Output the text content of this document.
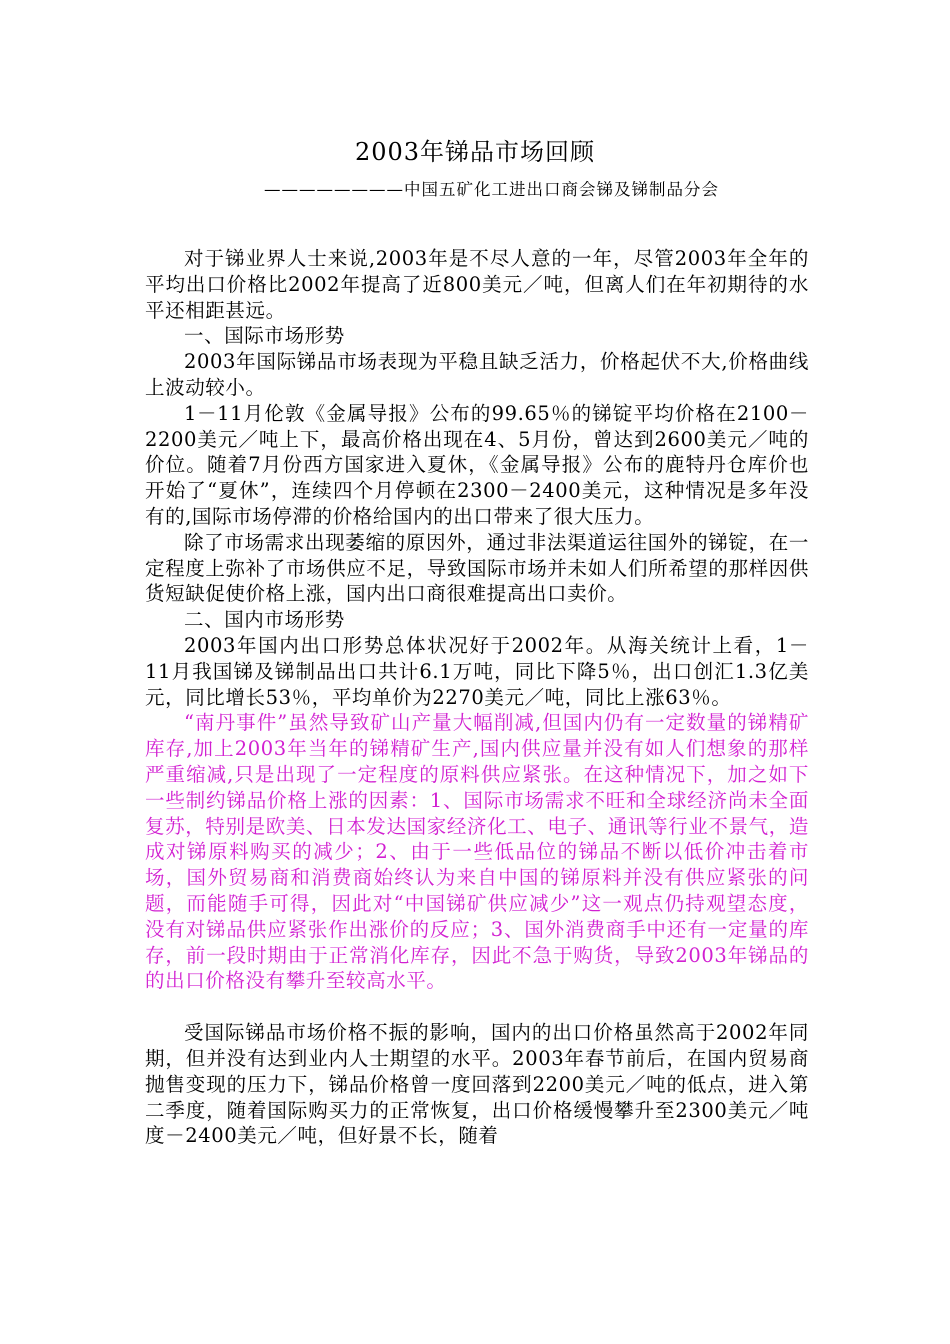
2003年锑品市场回顾
————————中国五矿化工进出口商会锑及锑制品分会

对于锑业界人士来说,2003年是不尽人意的一年，尽管2003年全年的平均出口价格比2002年提高了近800美元／吨，但离人们在年初期待的水平还相距甚远。

一、国际市场形势

2003年国际锑品市场表现为平稳且缺乏活力，价格起伏不大,价格曲线上波动较小。

1－11月伦敦《金属导报》公布的99.65％的锑锭平均价格在2100－2200美元／吨上下，最高价格出现在4、5月份，曾达到2600美元／吨的价位。随着7月份西方国家进入夏休，《金属导报》公布的鹿特丹仓库价也开始了“夏休”，连续四个月停顿在2300－2400美元，这种情况是多年没有的,国际市场停滞的价格给国内的出口带来了很大压力。

除了市场需求出现萎缩的原因外，通过非法渠道运往国外的锑锭，在一定程度上弥补了市场供应不足，导致国际市场并未如人们所希望的那样因供货短缺促使价格上涨，国内出口商很难提高出口卖价。

二、国内市场形势

2003年国内出口形势总体状况好于2002年。从海关统计上看，1－11月我国锑及锑制品出口共计6.1万吨，同比下降5％，出口创汇1.3亿美元，同比增长53％，平均单价为2270美元／吨，同比上涨63％。

“南丹事件”虽然导致矿山产量大幅削减,但国内仍有一定数量的锑精矿库存,加上2003年当年的锑精矿生产,国内供应量并没有如人们想象的那样严重缩减,只是出现了一定程度的原料供应紧张。在这种情况下，加之如下一些制约锑品价格上涨的因素：1、国际市场需求不旺和全球经济尚未全面复苏，特别是欧美、日本发达国家经济化工、电子、通讯等行业不景气，造成对锑原料购买的减少；2、由于一些低品位的锑品不断以低价冲击着市场，国外贸易商和消费商始终认为来自中国的锑原料并没有供应紧张的问题，而能随手可得，因此对“中国锑矿供应减少”这一观点仍持观望态度，没有对锑品供应紧张作出涨价的反应；3、国外消费商手中还有一定量的库存，前一段时期由于正常消化库存，因此不急于购货，导致2003年锑品的的出口价格没有攀升至较高水平。

受国际锑品市场价格不振的影响，国内的出口价格虽然高于2002年同期，但并没有达到业内人士期望的水平。2003年春节前后，在国内贸易商抛售变现的压力下，锑品价格曾一度回落到2200美元／吨的低点，进入第二季度，随着国际购买力的正常恢复，出口价格缓慢攀升至2300美元／吨度－2400美元／吨，但好景不长，随着
